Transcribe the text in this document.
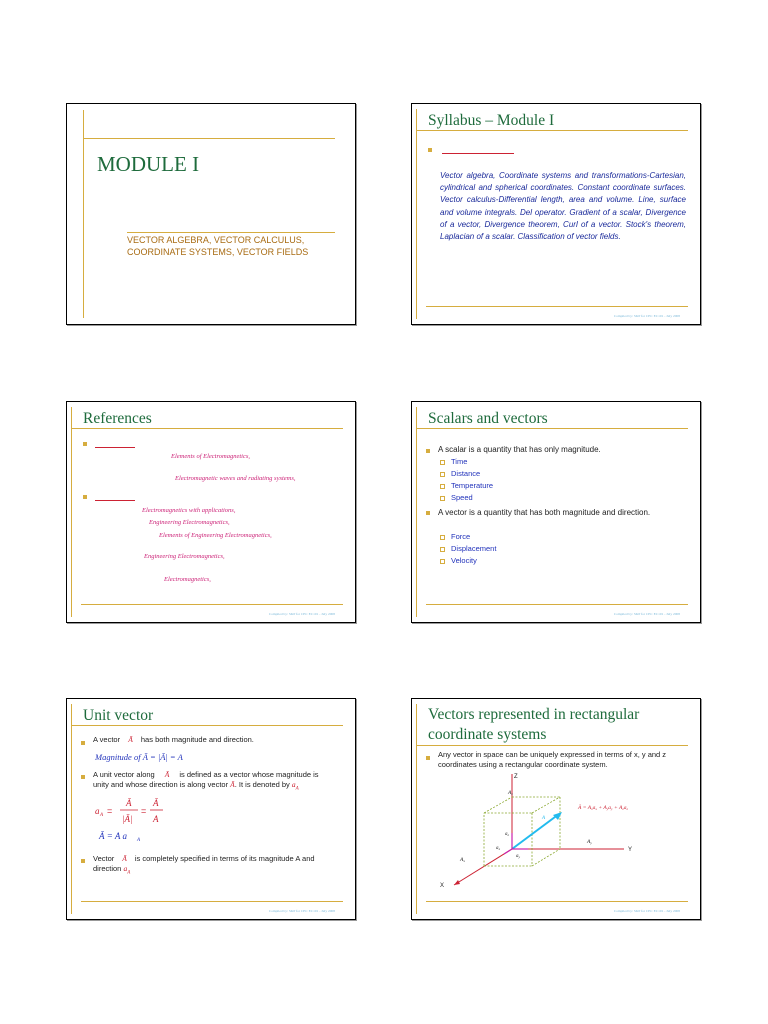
MODULE I
VECTOR ALGEBRA, VECTOR CALCULUS,
COORDINATE SYSTEMS, VECTOR FIELDS
Syllabus – Module I
Vector algebra, Coordinate systems and transformations-Cartesian, cylindrical and spherical coordinates. Constant coordinate surfaces. Vector calculus-Differential length, area and volume. Line, surface and volume integrals. Del operator. Gradient of a scalar, Divergence of a vector, Divergence theorem, Curl of a vector. Stock's theorem, Laplacian of a scalar. Classification of vector fields.
Compiled by: SKP for CEC EC101 - July 2008
References
Elements of Electromagnetics,
Electromagnetic waves and radiating systems,
Electromagnetics with applications,
Engineering Electromagnetics,
Elements of Engineering Electromagnetics,
Engineering Electromagnetics,
Electromagnetics,
Compiled by: SKP for CEC EC101 - July 2008
Scalars and vectors
A scalar is a quantity that has only magnitude.
Time
Distance
Temperature
Speed
A vector is a quantity that has both magnitude and direction.
Force
Displacement
Velocity
Compiled by: SKP for CEC EC101 - July 2008
Unit vector
A vector Ā has both magnitude and direction.
Magnitude of Ā = |Ā| = A
A unit vector along Ā is defined as a vector whose magnitude is
unity and whose direction is along vector Ā. It is denoted by $a_A$
a A =
Ā
|Ā|
=
Ā
A
Ā = A a A
Vector Ā is completely specified in terms of its magnitude A and
direction $a_A$
Compiled by: SKP for CEC EC101 - July 2008
Vectors represented in rectangular coordinate systems
Any vector in space can be uniquely expressed in terms of x, y and z coordinates using a rectangular coordinate system.
Z
Y
X
Az
Ay
Ax
A
$a_z$
$a_y$
$a_x$
Ā = Axax + Ayay + Azaz
Compiled by: SKP for CEC EC101 - July 2008
